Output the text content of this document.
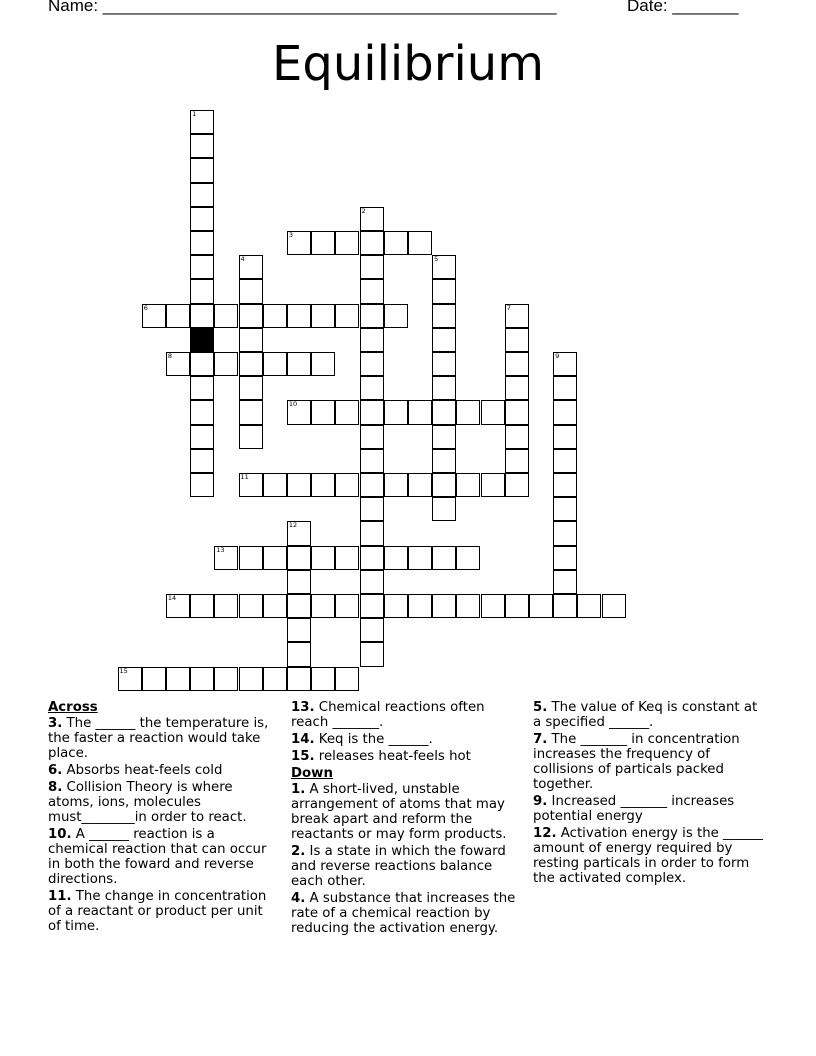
Name: ________________________________________________	Date: _______
Equilibrium
1
2
3
4	5
6	7
8	9
10
11
12
13
14
15
Across

3. The ______ the temperature is, the faster a reaction would take place.

6. Absorbs heat-feels cold

8. Collision Theory is where atoms, ions, molecules must________in order to react.

10. A ______ reaction is a chemical reaction that can occur in both the foward and reverse directions.

11. The change in concentration of a reactant or product per unit of time.

13. Chemical reactions often reach _______.

14. Keq is the ______.

15. releases heat-feels hot

Down

1. A short-lived, unstable arrangement of atoms that may break apart and reform the reactants or may form products.

2. Is a state in which the foward and reverse reactions balance each other.

4. A substance that increases the rate of a chemical reaction by reducing the activation energy.

5. The value of Keq is constant at a specified ______.

7. The _______ in concentration increases the frequency of collisions of particals packed together.

9. Increased _______ increases potential energy

12. Activation energy is the ______ amount of energy required by resting particals in order to form the activated complex.
